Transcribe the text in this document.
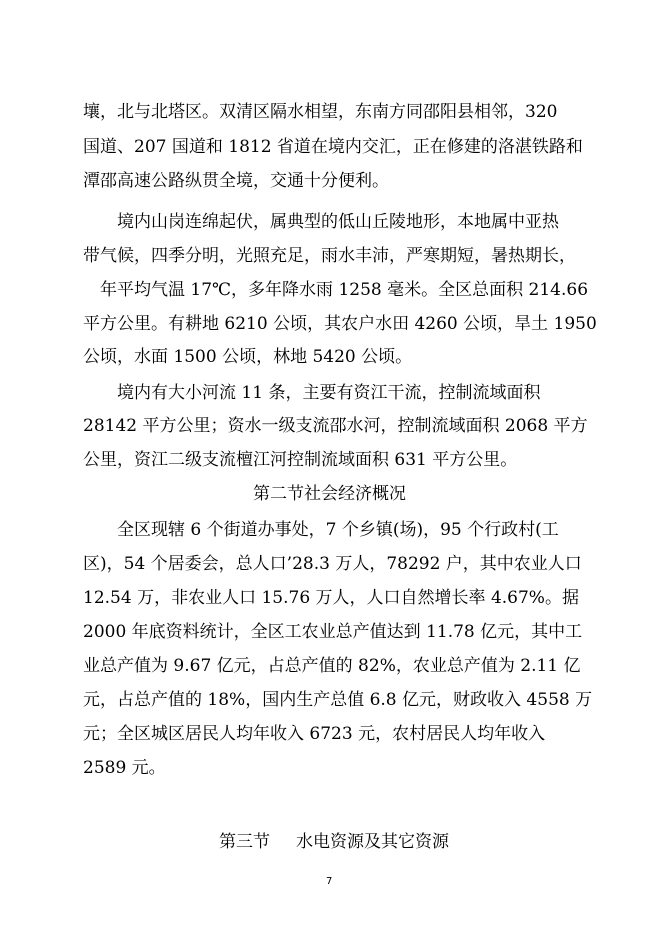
壤，北与北塔区。双清区隔水相望，东南方同邵阳县相邻，320
国道、207 国道和 1812 省道在境内交汇，正在修建的洛湛铁路和
潭邵高速公路纵贯全境，交通十分便利。
境内山岗连绵起伏，属典型的低山丘陵地形，本地属中亚热
带气候，四季分明，光照充足，雨水丰沛，严寒期短，暑热期长，
年平均气温 17℃，多年降水雨 1258 毫米。全区总面积 214.66
平方公里。有耕地 6210 公顷，其农户水田 4260 公顷，旱土 1950
公顷，水面 1500 公顷，林地 5420 公顷。
境内有大小河流 11 条，主要有资江干流，控制流域面积
28142 平方公里；资水一级支流邵水河，控制流域面积 2068 平方
公里，资江二级支流檀江河控制流域面积 631 平方公里。
第二节社会经济概况
全区现辖 6 个街道办事处，7 个乡镇(场)，95 个行政村(工
区)，54 个居委会，总人口’28.3 万人，78292 户，其中农业人口
12.54 万，非农业人口 15.76 万人，人口自然增长率 4.67%。据
2000 年底资料统计，全区工农业总产值达到 11.78 亿元，其中工
业总产值为 9.67 亿元，占总产值的 82%，农业总产值为 2.11 亿
元，占总产值的 18%，国内生产总值 6.8 亿元，财政收入 4558 万
元；全区城区居民人均年收入 6723 元，农村居民人均年收入
2589 元。
第三节 水电资源及其它资源
7
